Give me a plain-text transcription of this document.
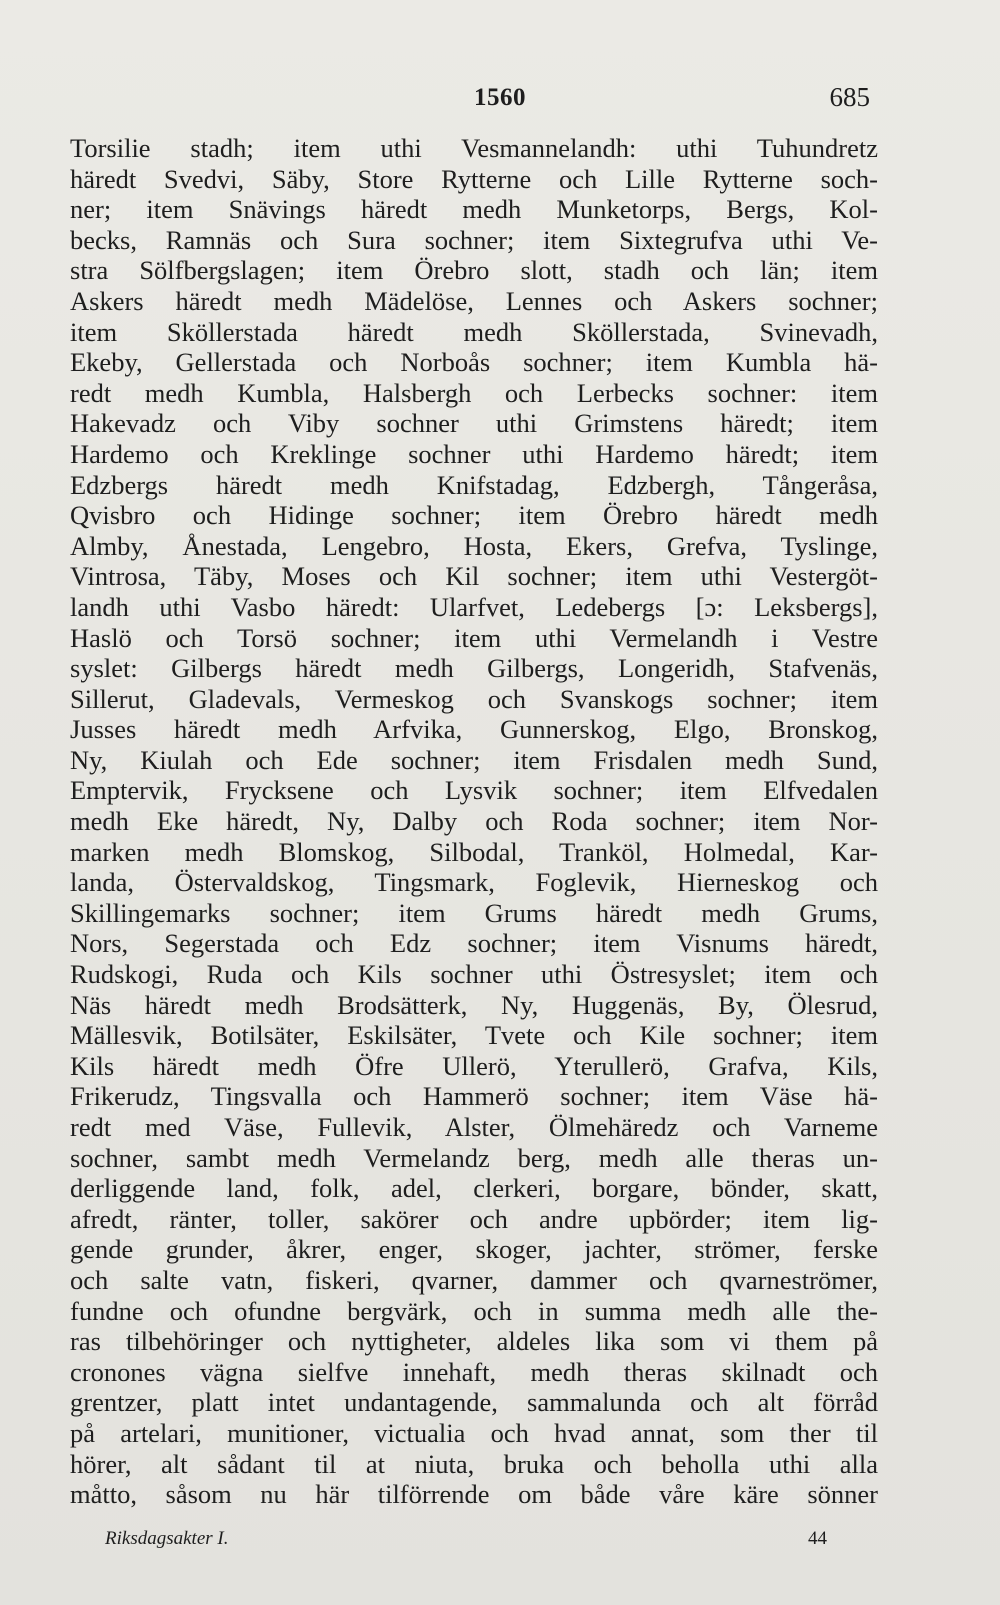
1560	685
Torsilie stadh; item uthi Vesmannelandh: uthi Tuhundretz
häredt Svedvi, Säby, Store Rytterne och Lille Rytterne soch-
ner; item Snävings häredt medh Munketorps, Bergs, Kol-
becks, Ramnäs och Sura sochner; item Sixtegrufva uthi Ve-
stra Sölfbergslagen; item Örebro slott, stadh och län; item
Askers häredt medh Mädelöse, Lennes och Askers sochner;
item Sköllerstada häredt medh Sköllerstada, Svinevadh,
Ekeby, Gellerstada och Norboås sochner; item Kumbla hä-
redt medh Kumbla, Halsbergh och Lerbecks sochner: item
Hakevadz och Viby sochner uthi Grimstens häredt; item
Hardemo och Kreklinge sochner uthi Hardemo häredt; item
Edzbergs häredt medh Knifstadag, Edzbergh, Tångeråsa,
Qvisbro och Hidinge sochner; item Örebro häredt medh
Almby, Ånestada, Lengebro, Hosta, Ekers, Grefva, Tyslinge,
Vintrosa, Täby, Moses och Kil sochner; item uthi Vestergöt-
landh uthi Vasbo häredt: Ularfvet, Ledebergs [ɔ: Leksbergs],
Haslö och Torsö sochner; item uthi Vermelandh i Vestre
syslet: Gilbergs häredt medh Gilbergs, Longeridh, Stafvenäs,
Sillerut, Gladevals, Vermeskog och Svanskogs sochner; item
Jusses häredt medh Arfvika, Gunnerskog, Elgo, Bronskog,
Ny, Kiulah och Ede sochner; item Frisdalen medh Sund,
Emptervik, Frycksene och Lysvik sochner; item Elfvedalen
medh Eke häredt, Ny, Dalby och Roda sochner; item Nor-
marken medh Blomskog, Silbodal, Tranköl, Holmedal, Kar-
landa, Östervaldskog, Tingsmark, Foglevik, Hierneskog och
Skillingemarks sochner; item Grums häredt medh Grums,
Nors, Segerstada och Edz sochner; item Visnums häredt,
Rudskogi, Ruda och Kils sochner uthi Östresyslet; item och
Näs häredt medh Brodsätterk, Ny, Huggenäs, By, Ölesrud,
Mällesvik, Botilsäter, Eskilsäter, Tvete och Kile sochner; item
Kils häredt medh Öfre Ullerö, Yterullerö, Grafva, Kils,
Frikerudz, Tingsvalla och Hammerö sochner; item Väse hä-
redt med Väse, Fullevik, Alster, Ölmehäredz och Varneme
sochner, sambt medh Vermelandz berg, medh alle theras un-
derliggende land, folk, adel, clerkeri, borgare, bönder, skatt,
afredt, ränter, toller, sakörer och andre upbörder; item lig-
gende grunder, åkrer, enger, skoger, jachter, strömer, ferske
och salte vatn, fiskeri, qvarner, dammer och qvarneströmer,
fundne och ofundne bergvärk, och in summa medh alle the-
ras tilbehöringer och nyttigheter, aldeles lika som vi them på
cronones vägna sielfve innehaft, medh theras skilnadt och
grentzer, platt intet undantagende, sammalunda och alt förråd
på artelari, munitioner, victualia och hvad annat, som ther til
hörer, alt sådant til at niuta, bruka och beholla uthi alla
måtto, såsom nu här tilförrende om både våre käre sönner
Riksdagsakter I.	44
